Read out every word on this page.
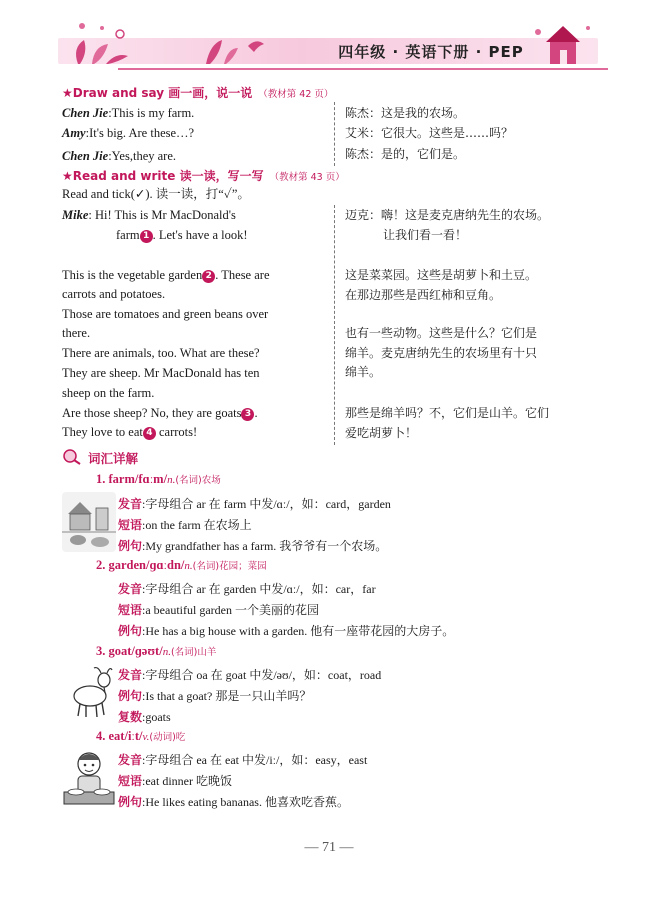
四年级 · 英语下册 · PEP
★Draw and say 画一画，说一说 （教材第 42 页）
Chen Jie:This is my farm.
Amy:It's big. Are these…?
Chen Jie:Yes,they are.
陈杰：这是我的农场。
艾米：它很大。这些是……吗？
陈杰：是的，它们是。
★Read and write 读一读，写一写 （教材第 43 页）
Read and tick(✓). 读一读，打“✓”。
Mike: Hi! This is Mr MacDonald's
farm 1 . Let's have a look!
迈克：嗨！这是麦克唐纳先生的农场。
让我们看一看！
This is the vegetable garden 2 . These are
carrots and potatoes.
Those are tomatoes and green beans over
there.
There are animals, too. What are these?
They are sheep. Mr MacDonald has ten
sheep on the farm.
Are those sheep? No, they are goats 3 .
They love to eat 4 carrots!
这是菜菜园。这些是胡萝卜和土豆。
在那边那些是西红柿和豆角。
也有一些动物。这些是什么？它们是
绵羊。麦克唐纳先生的农场里有十只
绵羊。
那些是绵羊吗？不，它们是山羊。它们
爱吃胡萝卜！
词汇详解
1. farm/fɑːm/n.(名词)农场
发音:字母组合 ar 在 farm 中发/ɑː/，如：card，garden
短语:on the farm 在农场上
例句:My grandfather has a farm. 我爷爷有一个农场。
2. garden/ɡɑːdn/n.(名词)花园；菜园
发音:字母组合 ar 在 garden 中发/ɑː/，如：car，far
短语:a beautiful garden 一个美丽的花园
例句:He has a big house with a garden. 他有一座带花园的大房子。
3. goat/ɡəʊt/n.(名词)山羊
发音:字母组合 oa 在 goat 中发/əʊ/，如：coat，road
例句:Is that a goat? 那是一只山羊吗？
复数:goats
4. eat/iːt/v.(动词)吃
发音:字母组合 ea 在 eat 中发/iː/，如：easy，east
短语:eat dinner 吃晚饭
例句:He likes eating bananas. 他喜欢吃香蕉。
— 71 —
